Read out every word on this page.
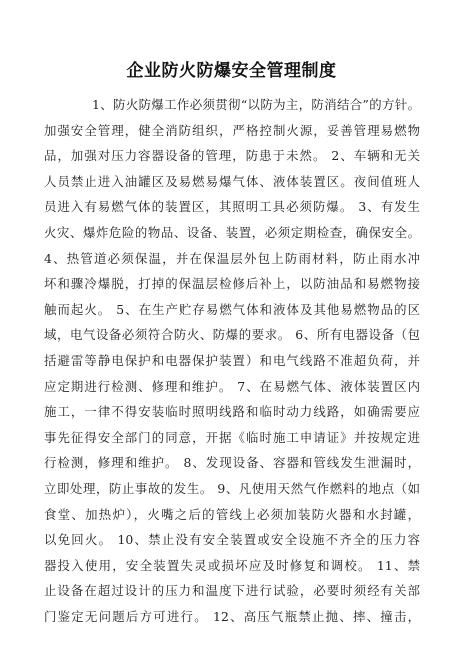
企业防火防爆安全管理制度
1、防火防爆工作必须贯彻“以防为主，防消结合”的方针。
加强安全管理，健全消防组织，严格控制火源，妥善管理易燃物
品，加强对压力容器设备的管理，防患于未然。 2、车辆和无关
人员禁止进入油罐区及易燃易爆气体、液体装置区。夜间值班人
员进入有易燃气体的装置区，其照明工具必须防爆。 3、有发生
火灾、爆炸危险的物品、设备、装置，必须定期检查，确保安全。
4、热管道必须保温，并在保温层外包上防雨材料，防止雨水冲
坏和骤冷爆脱，打掉的保温层检修后补上，以防油品和易燃物接
触而起火。 5、在生产贮存易燃气体和液体及其他易燃物品的区
域，电气设备必须符合防火、防爆的要求。 6、所有电器设备（包
括避雷等静电保护和电器保护装置）和电气线路不准超负荷，并
应定期进行检测、修理和维护。 7、在易燃气体、液体装置区内
施工，一律不得安装临时照明线路和临时动力线路，如确需要应
事先征得安全部门的同意，开据《临时施工申请证》并按规定进
行检测，修理和维护。 8、发现设备、容器和管线发生泄漏时，
立即处理，防止事故的发生。 9、凡使用天然气作燃料的地点（如
食堂、加热炉），火嘴之后的管线上必须加装防火器和水封罐，
以免回火。 10、禁止没有安全装置或安全设施不齐全的压力容
器投入使用，安全装置失灵或损坏应及时修复和调校。 11、禁
止设备在超过设计的压力和温度下进行试验，必要时须经有关部
门鉴定无问题后方可进行。 12、高压气瓶禁止抛、摔、撞击，
